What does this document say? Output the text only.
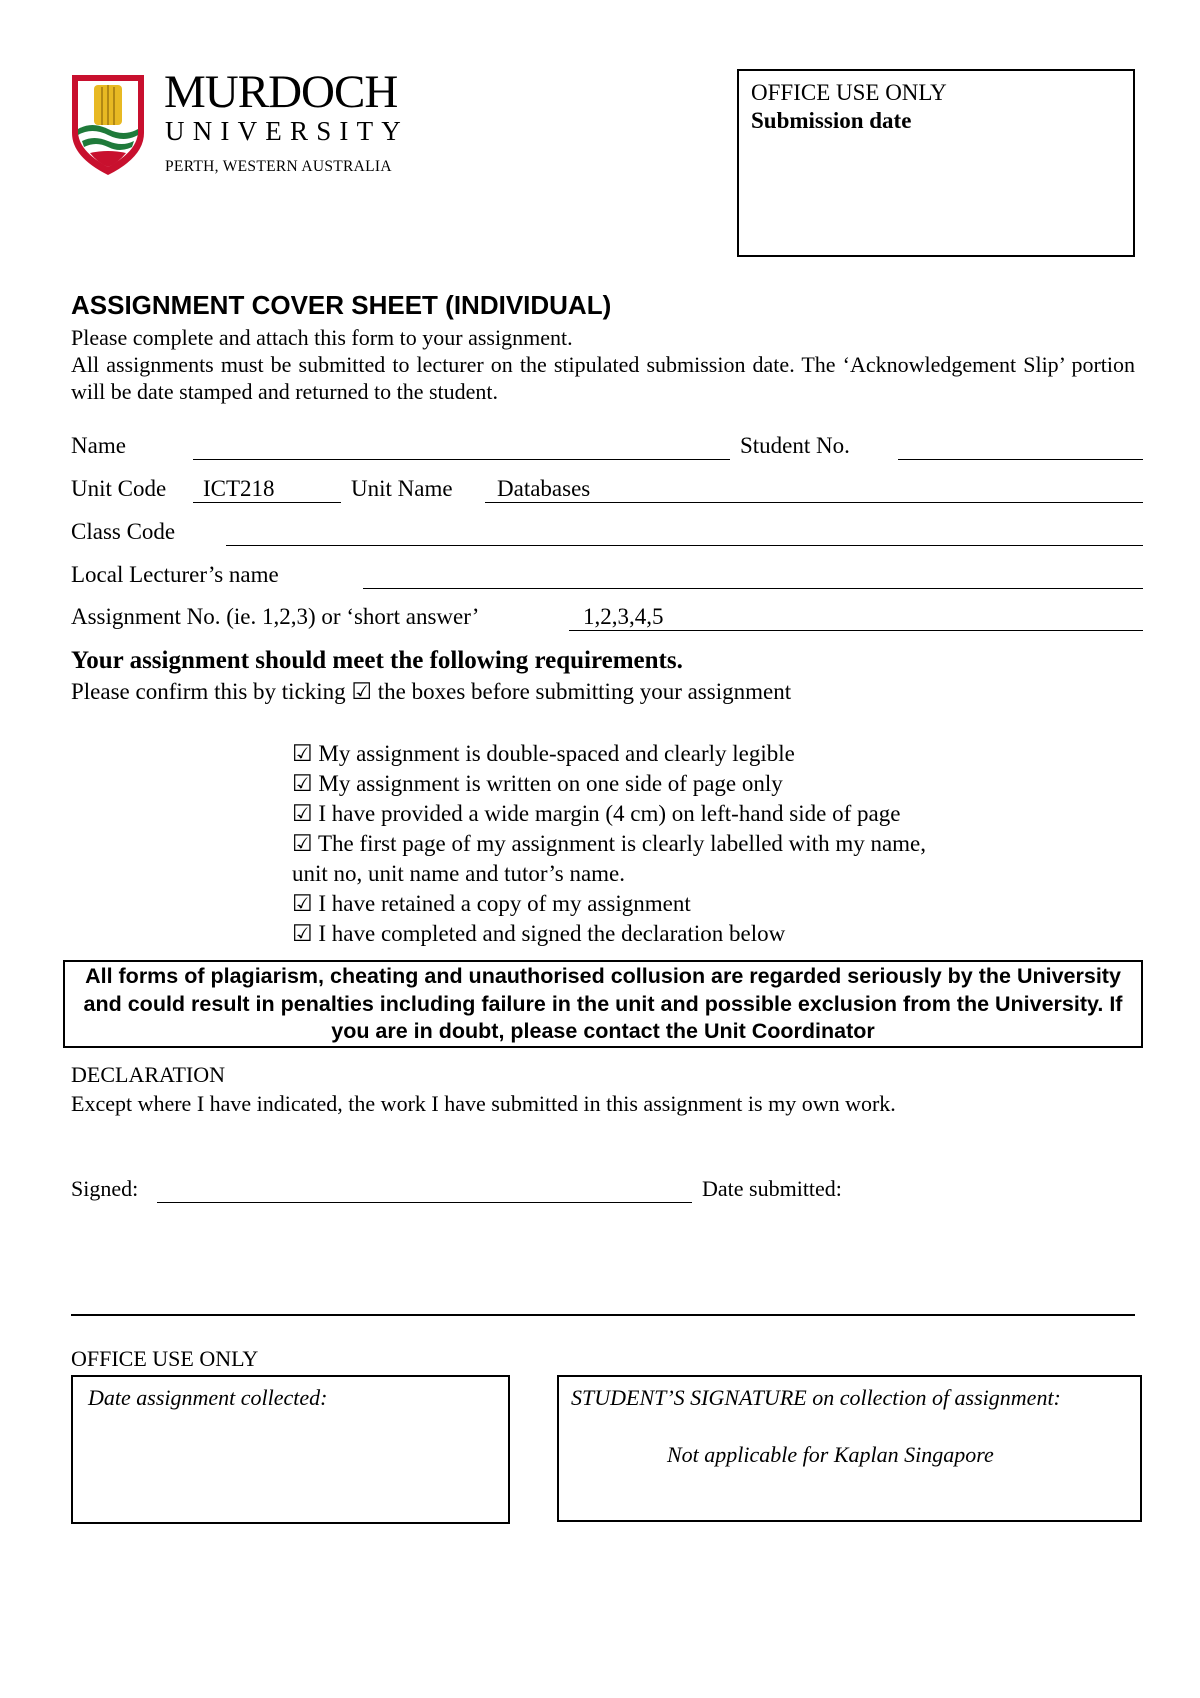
MURDOCH
UNIVERSITY
PERTH, WESTERN AUSTRALIA
OFFICE USE ONLY
Submission date
ASSIGNMENT COVER SHEET (INDIVIDUAL)
Please complete and attach this form to your assignment.
All assignments must be submitted to lecturer on the stipulated submission date. The ‘Acknowledgement Slip’ portion will be date stamped and returned to the student.
Name	Student No.
Unit Code ICT218	Unit Name Databases
Class Code
Local Lecturer’s name
Assignment No. (ie. 1,2,3) or ‘short answer’	1,2,3,4,5
Your assignment should meet the following requirements.
Please confirm this by ticking ☑ the boxes before submitting your assignment
☑ My assignment is double-spaced and clearly legible
☑ My assignment is written on one side of page only
☑ I have provided a wide margin (4 cm) on left-hand side of page
☑ The first page of my assignment is clearly labelled with my name,
unit no, unit name and tutor’s name.
☑ I have retained a copy of my assignment
☑ I have completed and signed the declaration below
All forms of plagiarism, cheating and unauthorised collusion are regarded seriously by the University and could result in penalties including failure in the unit and possible exclusion from the University. If you are in doubt, please contact the Unit Coordinator
DECLARATION
Except where I have indicated, the work I have submitted in this assignment is my own work.
Signed:	Date submitted:
OFFICE USE ONLY
Date assignment collected:	STUDENT’S SIGNATURE on collection of assignment:
Not applicable for Kaplan Singapore
